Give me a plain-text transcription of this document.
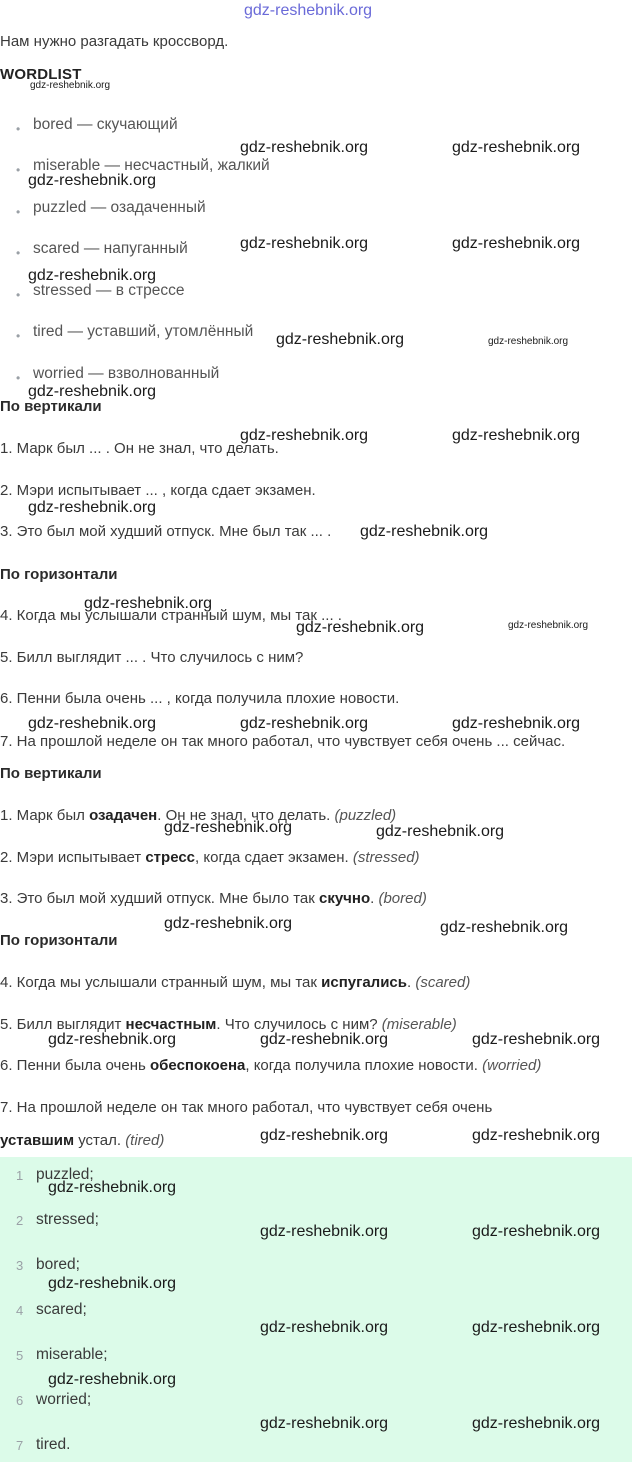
gdz-reshebnik.org
Нам нужно разгадать кроссворд.
WORDLIST
• bored — скучающий
• miserable — несчастный, жалкий
• puzzled — озадаченный
• scared — напуганный
• stressed — в стрессе
• tired — уставший, утомлённый
• worried — взволнованный
По вертикали
1. Марк был ... . Он не знал, что делать.
2. Мэри испытывает ... , когда сдает экзамен.
3. Это был мой худший отпуск. Мне был так ... .
По горизонтали
4. Когда мы услышали странный шум, мы так ... .
5. Билл выглядит ... . Что случилось с ним?
6. Пенни была очень ... , когда получила плохие новости.
7. На прошлой неделе он так много работал, что чувствует себя очень ... сейчас.
По вертикали
1. Марк был озадачен. Он не знал, что делать. (puzzled)
2. Мэри испытывает стресс, когда сдает экзамен. (stressed)
3. Это был мой худший отпуск. Мне было так скучно. (bored)
По горизонтали
4. Когда мы услышали странный шум, мы так испугались. (scared)
5. Билл выглядит несчастным. Что случилось с ним? (miserable)
6. Пенни была очень обеспокоена, когда получила плохие новости. (worried)
7. На прошлой неделе он так много работал, что чувствует себя очень
уставшим устал. (tired)
1 puzzled;
2 stressed;
3 bored;
4 scared;
5 miserable;
6 worried;
7 tired.
gdz-reshebnik.org
gdz-reshebnik.org	gdz-reshebnik.org
gdz-reshebnik.org
gdz-reshebnik.org	gdz-reshebnik.org
gdz-reshebnik.org
gdz-reshebnik.org	gdz-reshebnik.org
gdz-reshebnik.org
gdz-reshebnik.org	gdz-reshebnik.org
gdz-reshebnik.org
gdz-reshebnik.org
gdz-reshebnik.org
gdz-reshebnik.org	gdz-reshebnik.org
gdz-reshebnik.org	gdz-reshebnik.org	gdz-reshebnik.org
gdz-reshebnik.org	gdz-reshebnik.org
gdz-reshebnik.org	gdz-reshebnik.org
gdz-reshebnik.org	gdz-reshebnik.org	gdz-reshebnik.org
gdz-reshebnik.org	gdz-reshebnik.org
gdz-reshebnik.org
gdz-reshebnik.org	gdz-reshebnik.org
gdz-reshebnik.org
gdz-reshebnik.org	gdz-reshebnik.org
gdz-reshebnik.org
gdz-reshebnik.org	gdz-reshebnik.org
